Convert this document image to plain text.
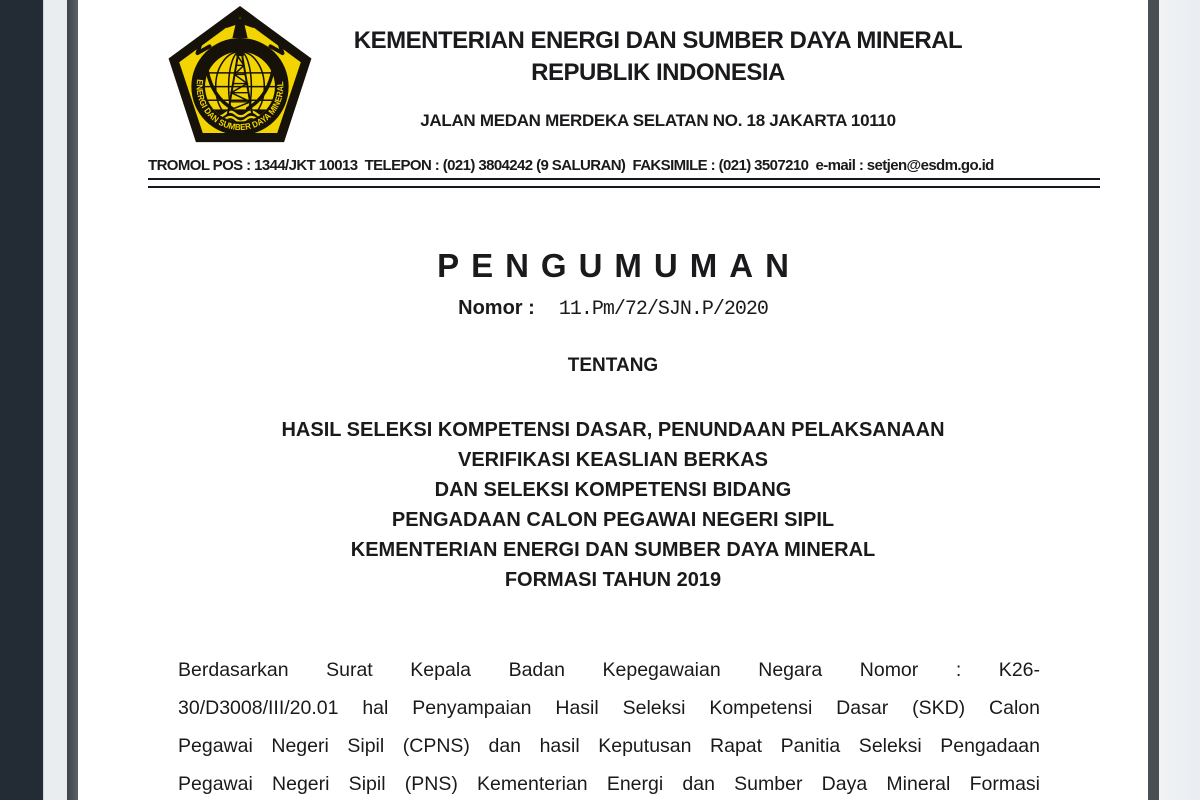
ENERGI DAN SUMBER DAYA MINERAL
KEMENTERIAN ENERGI DAN SUMBER DAYA MINERAL
REPUBLIK INDONESIA
JALAN MEDAN MERDEKA SELATAN NO. 18 JAKARTA 10110
TROMOL POS : 1344/JKT 10013  TELEPON : (021) 3804242 (9 SALURAN)  FAKSIMILE : (021) 3507210  e-mail : setjen@esdm.go.id
PENGUMUMAN
Nomor : 11.Pm/72/SJN.P/2020
TENTANG
HASIL SELEKSI KOMPETENSI DASAR, PENUNDAAN PELAKSANAAN
VERIFIKASI KEASLIAN BERKAS
DAN SELEKSI KOMPETENSI BIDANG
PENGADAAN CALON PEGAWAI NEGERI SIPIL
KEMENTERIAN ENERGI DAN SUMBER DAYA MINERAL
FORMASI TAHUN 2019
Berdasarkan Surat Kepala Badan Kepegawaian Negara Nomor : K26-
30/D3008/III/20.01 hal Penyampaian Hasil Seleksi Kompetensi Dasar (SKD) Calon
Pegawai Negeri Sipil (CPNS) dan hasil Keputusan Rapat Panitia Seleksi Pengadaan
Pegawai Negeri Sipil (PNS) Kementerian Energi dan Sumber Daya Mineral Formasi
